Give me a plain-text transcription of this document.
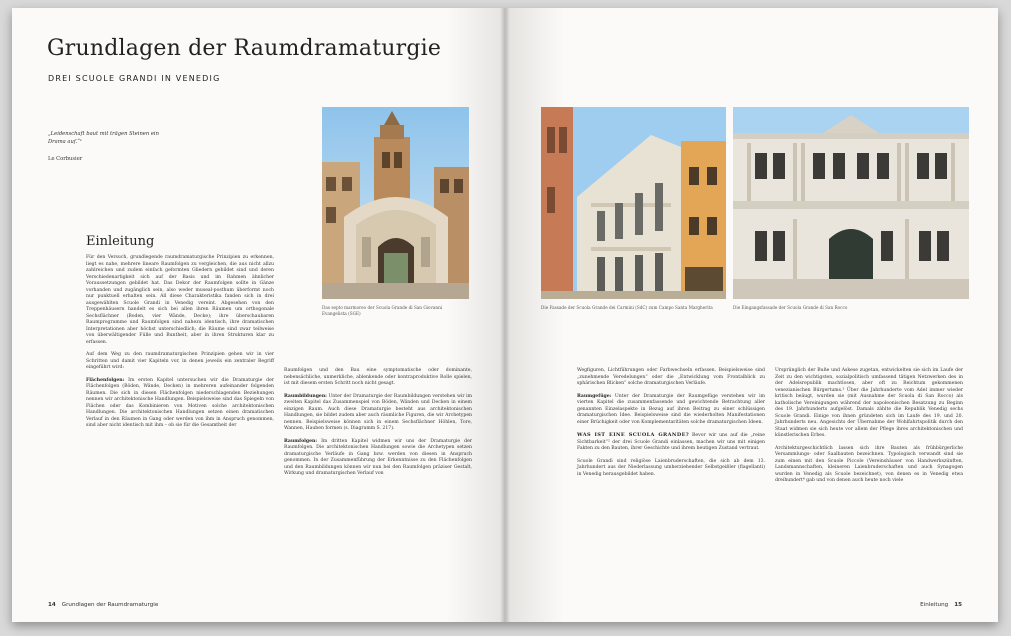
Grundlagen der Raumdramaturgie
DREI SCUOLE GRANDI IN VENEDIG
„Leidenschaft baut mit trägen Steinen ein Drama auf.“¹
Le Corbusier
Das septo marmoreo der Scuola Grande di San Giovanni Evangelista (SGE)
Einleitung

Für den Versuch, grundlegende raumdramaturgische Prinzipien zu erkennen, liegt es nahe, mehrere lineare Raumfolgen zu vergleichen, die aus nicht allzu zahlreichen und zudem einfach geformten Gliedern gebildet sind und deren Verschiedenartigkeit sich auf der Basis und im Rahmen ähnlicher Voraussetzungen gebildet hat. Das Dekor der Raumfolgen sollte in Gänze vorhanden und zugänglich sein, also weder museal-posthum überformt noch nur punktuell erhalten sein. All diese Charakteristika fanden sich in drei ausgewählten Scuole Grandi in Venedig vereint. Abgesehen von den Treppenhäusern handelt es sich bei allen ihren Räumen um orthogonale Sechsflächner (Boden, vier Wände, Decke); ihre überschaubaren Raumprogramme und Raumfolgen sind nahezu identisch, ihre dramatischen Interpretationen aber höchst unterschiedlich; die Räume sind zwar teilweise von überwältigender Fülle und Buntheit, aber in ihren Strukturen klar zu erfassen.

Auf dem Weg zu den raumdramaturgischen Prinzipien gehen wir in vier Schritten und damit vier Kapiteln vor, in denen jeweils ein zentraler Begriff eingeführt wird:

Flächenfolgen: Im ersten Kapitel untersuchen wir die Dramaturgie der Flächenfolgen (Böden, Wände, Decken) in mehreren aufeinander folgenden Räumen. Die sich in diesen Flächenfolgen niederschlagenden Beziehungen nennen wir architektonische Handlungen. Beispielsweise sind das Spiegeln von Flächen oder das Kombinieren von Motiven solche architektonischen Handlungen. Die architektonischen Handlungen setzen einen dramatischen Verlauf in den Räumen in Gang oder werden von ihm in Anspruch genommen, sind aber nicht identisch mit ihm – ob sie für die Gesamtheit der

Raumfolgen und den Bau eine symptomatische oder dominante, nebensächliche, unmerkliche, ablenkende oder kontraproduktive Rolle spielen, ist mit diesem ersten Schritt noch nicht gesagt.

Raumbildungen: Unter der Dramaturgie der Raumbildungen verstehen wir im zweiten Kapitel das Zusammenspiel von Böden, Wänden und Decken in einem einzigen Raum. Auch diese Dramaturgie besteht aus architektonischen Handlungen, sie bildet zudem aber auch räumliche Figuren, die wir Archetypen nennen. Beispielsweise können sich in einem Sechsflächner Höhlen, Tore, Wannen, Hauben formen (s. Diagramm S. 217).

Raumfolgen: Im dritten Kapitel widmen wir uns der Dramaturgie der Raumfolgen. Die architektonischen Handlungen sowie die Archetypen setzen dramaturgische Verläufe in Gang bzw. werden von diesen in Anspruch genommen. In der Zusammenführung der Erkenntnisse zu den Flächenfolgen und den Raumbildungen können wir nun bei den Raumfolgen präziser Gestalt, Wirkung und dramaturgischen Verlauf von

14 Grundlagen der Raumdramaturgie
Die Fassade der Scuola Grande dei Carmini (SdC) zum Campo Santa Margherita	Die Eingangsfassade der Scuola Grande di San Rocco

Wegfiguren, Lichtführungen oder Farbwechseln erfassen. Beispielsweise sind „zunehmende Veredelungen“ oder die „Entwicklung vom Frontalblick zu sphärischen Blicken“ solche dramaturgischen Verläufe.

Raumgefüge: Unter der Dramaturgie der Raumgefüge verstehen wir im vierten Kapitel die zusammenfassende und gewichtende Betrachtung aller genannten Einzelaspekte in Bezug auf ihren Beitrag zu einer schlüssigen dramaturgischen Idee. Beispielsweise sind die wiederholten Manifestationen einer Brüchigkeit oder von Komplementaritäten solche dramaturgischen Ideen.

WAS IST EINE SCUOLA GRANDE? Bevor wir uns auf die „reine Sichtbarkeit“² der drei Scuole Grandi einlassen, machen wir uns mit einigen Fakten zu den Bauten, ihrer Geschichte und ihrem heutigen Zustand vertraut.

Scuole Grandi sind religiöse Laienbruderschaften, die sich ab dem 13. Jahrhundert aus der Niederlassung umherziehender Selbstgeißler (flagellanti) in Venedig herausgebildet haben.

Ursprünglich der Buße und Askese zugetan, entwickelten sie sich im Laufe der Zeit zu den wichtigsten, sozialpolitisch umfassend tätigen Netzwerken des in der Adelsrepublik machtlosen, aber oft zu Reichtum gekommenen venezianischen Bürgertums.³ Über die Jahrhunderte vom Adel immer wieder kritisch beäugt, wurden sie (mit Ausnahme der Scuola di San Rocco) als katholische Vereinigungen während der napoleonischen Besatzung zu Beginn des 19. Jahrhunderts aufgelöst. Damals zählte die Republik Venedig sechs Scuole Grandi. Einige von ihnen gründeten sich im Laufe des 19. und 20. Jahrhunderts neu. Angesichts der Übernahme der Wohlfahrtspolitik durch den Staat widmen sie sich heute vor allem der Pflege ihres architektonischen und künstlerischen Erbes.

Architekturgeschichtlich lassen sich ihre Bauten als frühbürgerliche Versammlungs- oder Saalbauten bezeichnen. Typologisch verwandt sind sie zum einen mit den Scuole Piccole (Vereinshäuser von Handwerkszünften, Landsmannschaften, kleineren Laienbruderschaften und auch Synagogen wurden in Venedig als Scuole bezeichnet), von denen es in Venedig etwa dreihundert⁴ gab und von denen auch heute noch viele

Einleitung 15
